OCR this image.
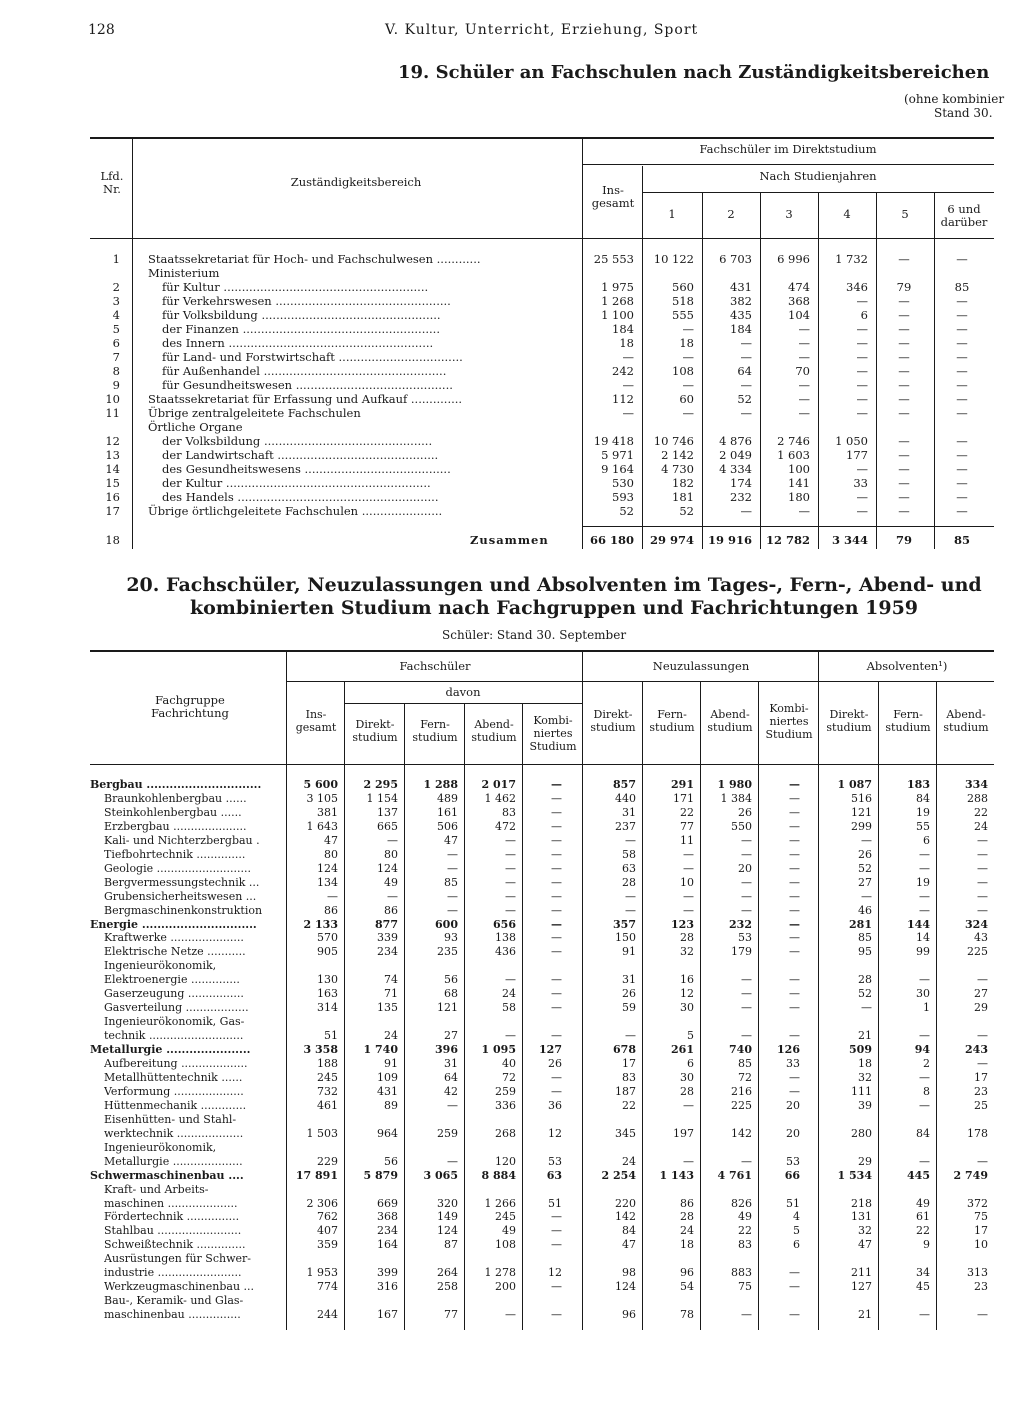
128	V. Kultur, Unterricht, Erziehung, Sport
19. Schüler an Fachschulen nach Zuständigkeitsbereichen
(ohne kombinier
Stand 30.
Lfd. Nr.	Zuständigkeitsbereich
Fachschüler im Direktstudium
Ins-gesamt
Nach Studienjahren
1	2	3	4	5	6 und darüber
1 Staatssekretariat für Hoch- und Fachschulwesen ............	25 553	10 122	6 703	6 996	1 732	—	—
Ministerium
2	für Kultur ........................................................	1 975	560	431	474	346	79	85
3	für Verkehrswesen ................................................	1 268	518	382	368	—	—	—
4	für Volksbildung .................................................	1 100	555	435	104	6	—	—
5	der Finanzen ......................................................	184	—	184	—	—	—	—
6	des Innern ........................................................	18	18	—	—	—	—	—
7	für Land- und Forstwirtschaft ..................................	—	—	—	—	—	—	—
8	für Außenhandel ..................................................	242	108	64	70	—	—	—
9	für Gesundheitswesen ...........................................	—	—	—	—	—	—	—
10 Staatssekretariat für Erfassung und Aufkauf ..............	112	60	52	—	—	—	—
11 Übrige zentralgeleitete Fachschulen	—	—	—	—	—	—	—
Örtliche Organe
12	der Volksbildung ..............................................	19 418	10 746	4 876	2 746	1 050	—	—
13	der Landwirtschaft ............................................	5 971	2 142	2 049	1 603	177	—	—
14	des Gesundheitswesens ........................................	9 164	4 730	4 334	100	—	—	—
15	der Kultur ........................................................	530	182	174	141	33	—	—
16	des Handels .......................................................	593	181	232	180	—	—	—
17 Übrige örtlichgeleitete Fachschulen ......................	52	52	—	—	—	—	—
18	Zusammen	66 180	29 974	19 916	12 782	3 344	79	85
20. Fachschüler, Neuzulassungen und Absolventen im Tages-, Fern-, Abend- und
kombinierten Studium nach Fachgruppen und Fachrichtungen 1959
Schüler: Stand 30. September
Fachgruppe Fachrichtung
Fachschüler
davon
Neuzulassungen	Absolventen¹)
Ins-gesamt	Direkt-studium
Fern-studium
Abend-studium
Kombi-niertes Studium
Direkt-studium
Fern-studium
Abend-studium
Kombi-niertes Studium
Direkt-studium
Fern-studium
Abend-studium
Bergbau ..............................	5 600	2 295	1 288	2 017	—	857	291	1 980	—	1 087	183	334
Braunkohlenbergbau ......	3 105	1 154	489	1 462	—	440	171	1 384	—	516	84	288
Steinkohlenbergbau ......	381	137	161	83	—	31	22	26	—	121	19	22
Erzbergbau .....................	1 643	665	506	472	—	237	77	550	—	299	55	24
Kali- und Nichterzbergbau .	47	—	47	—	—	—	11	—	—	—	6	—
Tiefbohrtechnik ..............	80	80	—	—	—	58	—	—	—	26	—	—
Geologie ...........................	124	124	—	—	—	63	—	20	—	52	—	—
Bergvermessungstechnik ...	134	49	85	—	—	28	10	—	—	27	19	—
Grubensicherheitswesen ...	—	—	—	—	—	—	—	—	—	—	—	—
Bergmaschinenkonstruktion	86	86	—	—	—	—	—	—	—	46	—	—
Energie ..............................	2 133	877	600	656	—	357	123	232	—	281	144	324
Kraftwerke .....................	570	339	93	138	—	150	28	53	—	85	14	43
Elektrische Netze ...........	905	234	235	436	—	91	32	179	—	95	99	225
Ingenieurökonomik,
Elektroenergie ..............	130	74	56	—	—	31	16	—	—	28	—	—
Gaserzeugung ................	163	71	68	24	—	26	12	—	—	52	30	27
Gasverteilung ..................	314	135	121	58	—	59	30	—	—	—	1	29
Ingenieurökonomik, Gas-
technik ...........................	51	24	27	—	—	—	5	—	—	21	—	—
Metallurgie ......................	3 358	1 740	396	1 095	127	678	261	740	126	509	94	243
Aufbereitung ...................	188	91	31	40	26	17	6	85	33	18	2	—
Metallhüttentechnik ......	245	109	64	72	—	83	30	72	—	32	—	17
Verformung ....................	732	431	42	259	—	187	28	216	—	111	8	23
Hüttenmechanik .............	461	89	—	336	36	22	—	225	20	39	—	25
Eisenhütten- und Stahl-
werktechnik ...................	1 503	964	259	268	12	345	197	142	20	280	84	178
Ingenieurökonomik,
Metallurgie ....................	229	56	—	120	53	24	—	—	53	29	—	—
Schwermaschinenbau ....	17 891	5 879	3 065	8 884	63	2 254	1 143	4 761	66	1 534	445	2 749
Kraft- und Arbeits-
maschinen ....................	2 306	669	320	1 266	51	220	86	826	51	218	49	372
Fördertechnik ...............	762	368	149	245	—	142	28	49	4	131	61	75
Stahlbau ........................	407	234	124	49	—	84	24	22	5	32	22	17
Schweißtechnik ..............	359	164	87	108	—	47	18	83	6	47	9	10
Ausrüstungen für Schwer-
industrie ........................	1 953	399	264	1 278	12	98	96	883	—	211	34	313
Werkzeugmaschinenbau ...	774	316	258	200	—	124	54	75	—	127	45	23
Bau-, Keramik- und Glas-
maschinenbau ...............	244	167	77	—	—	96	78	—	—	21	—	—
